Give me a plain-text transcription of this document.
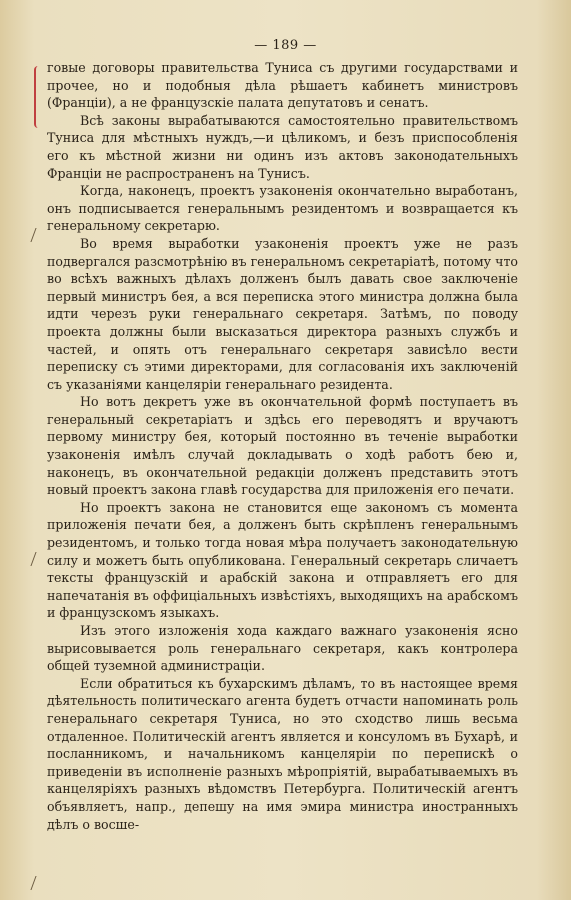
— 189 —

говые договоры правительства Туниса съ другими государствами и прочее, но и подобныя дѣла рѣшаетъ кабинетъ министровъ (Франціи), а не французскіе палата депутатовъ и сенатъ.

Всѣ законы вырабатываются самостоятельно правительствомъ Туниса для мѣстныхъ нуждъ,—и цѣликомъ, и безъ приспособленія его къ мѣстной жизни ни одинъ изъ актовъ законодательныхъ Франціи не распространенъ на Тунисъ.

Когда, наконецъ, проектъ узаконенія окончательно выработанъ, онъ подписывается генеральнымъ резидентомъ и возвращается къ генеральному секретарю.

Во время выработки узаконенія проектъ уже не разъ подвергался разсмотрѣнію въ генеральномъ секретаріатѣ, потому что во всѣхъ важныхъ дѣлахъ долженъ былъ давать свое заключеніе первый министръ бея, а вся переписка этого министра должна была идти черезъ руки генеральнаго секретаря. Затѣмъ, по поводу проекта должны были высказаться директора разныхъ службъ и частей, и опять отъ генеральнаго секретаря зависѣло вести переписку съ этими директорами, для согласованія ихъ заключеній съ указаніями канцеляріи генеральнаго резидента.

Но вотъ декретъ уже въ окончательной формѣ поступаетъ въ генеральный секретаріатъ и здѣсь его переводятъ и вручаютъ первому министру бея, который постоянно въ теченіе выработки узаконенія имѣлъ случай докладывать о ходѣ работъ бею и, наконецъ, въ окончательной редакціи долженъ представить этотъ новый проектъ закона главѣ государства для приложенія его печати.

Но проектъ закона не становится еще закономъ съ момента приложенія печати бея, а долженъ быть скрѣпленъ генеральнымъ резидентомъ, и только тогда новая мѣра получаетъ законодательную силу и можетъ быть опубликована. Генеральный секретарь сличаетъ тексты французскій и арабскій закона и отправляетъ его для напечатанія въ оффиціальныхъ извѣстіяхъ, выходящихъ на арабскомъ и французскомъ языкахъ.

Изъ этого изложенія хода каждаго важнаго узаконенія ясно вырисовывается роль генеральнаго секретаря, какъ контролера общей туземной администраціи.

Если обратиться къ бухарскимъ дѣламъ, то въ настоящее время дѣятельность политическаго агента будетъ отчасти напоминать роль генеральнаго секретаря Туниса, но это сходство лишь весьма отдаленное. Политическій агентъ является и консуломъ въ Бухарѣ, и посланникомъ, и начальникомъ канцеляріи по перепискѣ о приведеніи въ исполненіе разныхъ мѣропріятій, вырабатываемыхъ въ канцеляріяхъ разныхъ вѣдомствъ Петербурга. Политическій агентъ объявляетъ, напр., депешу на имя эмира министра иностранныхъ дѣлъ о восше-
